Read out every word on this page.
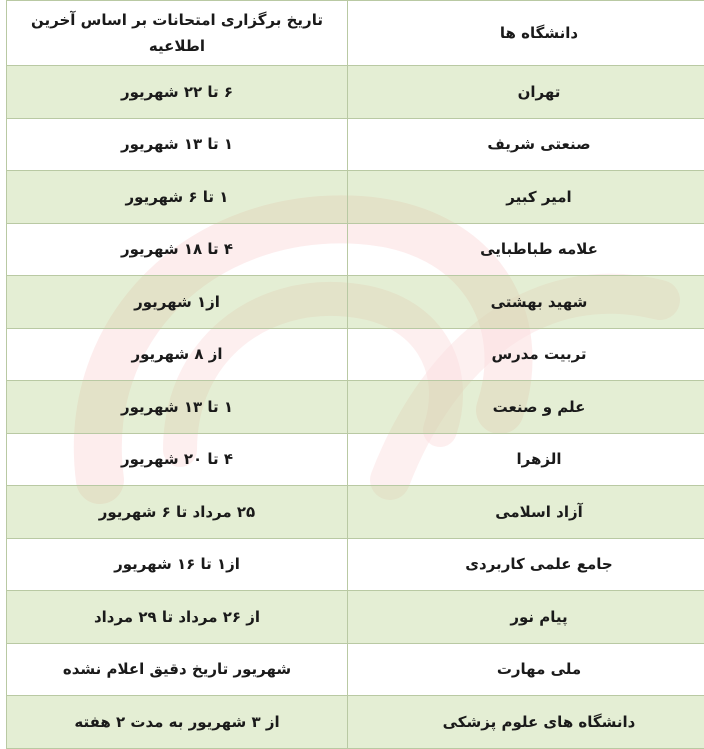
دانشگاه ها	تاریخ برگزاری امتحانات بر اساس آخرین اطلاعیه
تهران	۶ تا ۲۲ شهریور
صنعتی شریف	۱ تا ۱۳ شهریور
امیر کبیر	۱ تا ۶ شهریور
علامه طباطبایی	۴ تا ۱۸ شهریور
شهید بهشتی	از۱ شهریور
تربیت مدرس	از ۸ شهریور
علم و صنعت	۱ تا ۱۳ شهریور
الزهرا	۴ تا ۲۰ شهریور
آزاد اسلامی	۲۵ مرداد تا ۶ شهریور
جامع علمی کاربردی	از۱ تا ۱۶ شهریور
پیام نور	از ۲۶ مرداد تا ۲۹ مرداد
ملی مهارت	شهریور تاریخ دقیق اعلام نشده
دانشگاه های علوم پزشکی	از ۳ شهریور به مدت ۲ هفته
